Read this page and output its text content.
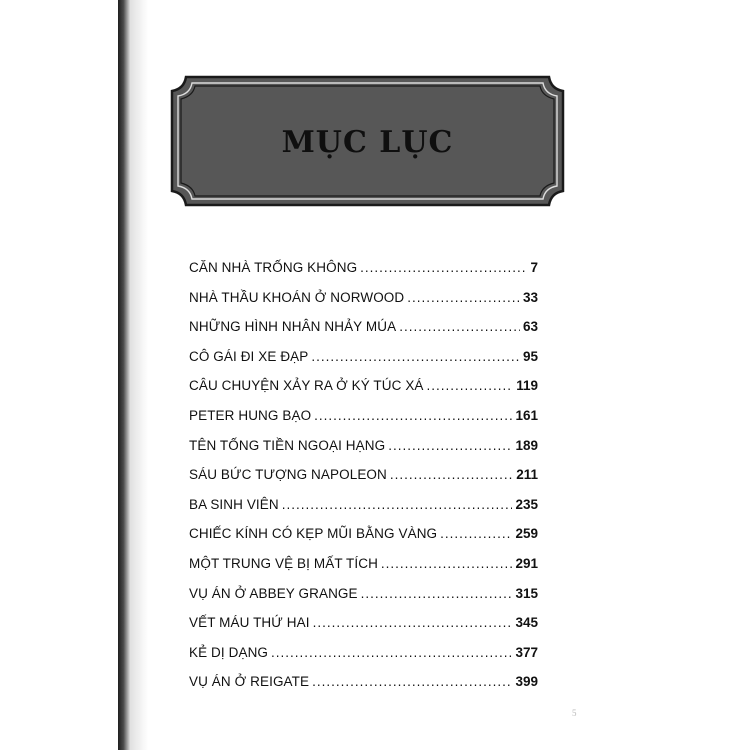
MỤC LỤC
CĂN NHÀ TRỐNG KHÔNG .....	7
NHÀ THẦU KHOÁN Ở NORWOOD .....	33
NHỮNG HÌNH NHÂN NHẢY MÚA .....	63
CÔ GÁI ĐI XE ĐẠP .....	95
CÂU CHUYỆN XẢY RA Ở KÝ TÚC XÁ .....	119
PETER HUNG BẠO .....	161
TÊN TỐNG TIỀN NGOẠI HẠNG .....	189
SÁU BỨC TƯỢNG NAPOLEON .....	211
BA SINH VIÊN .....	235
CHIẾC KÍNH CÓ KẸP MŨI BẰNG VÀNG .....	259
MỘT TRUNG VỆ BỊ MẤT TÍCH .....	291
VỤ ÁN Ở ABBEY GRANGE .....	315
VẾT MÁU THỨ HAI .....	345
KẺ DỊ DẠNG .....	377
VỤ ÁN Ở REIGATE .....	399
5
